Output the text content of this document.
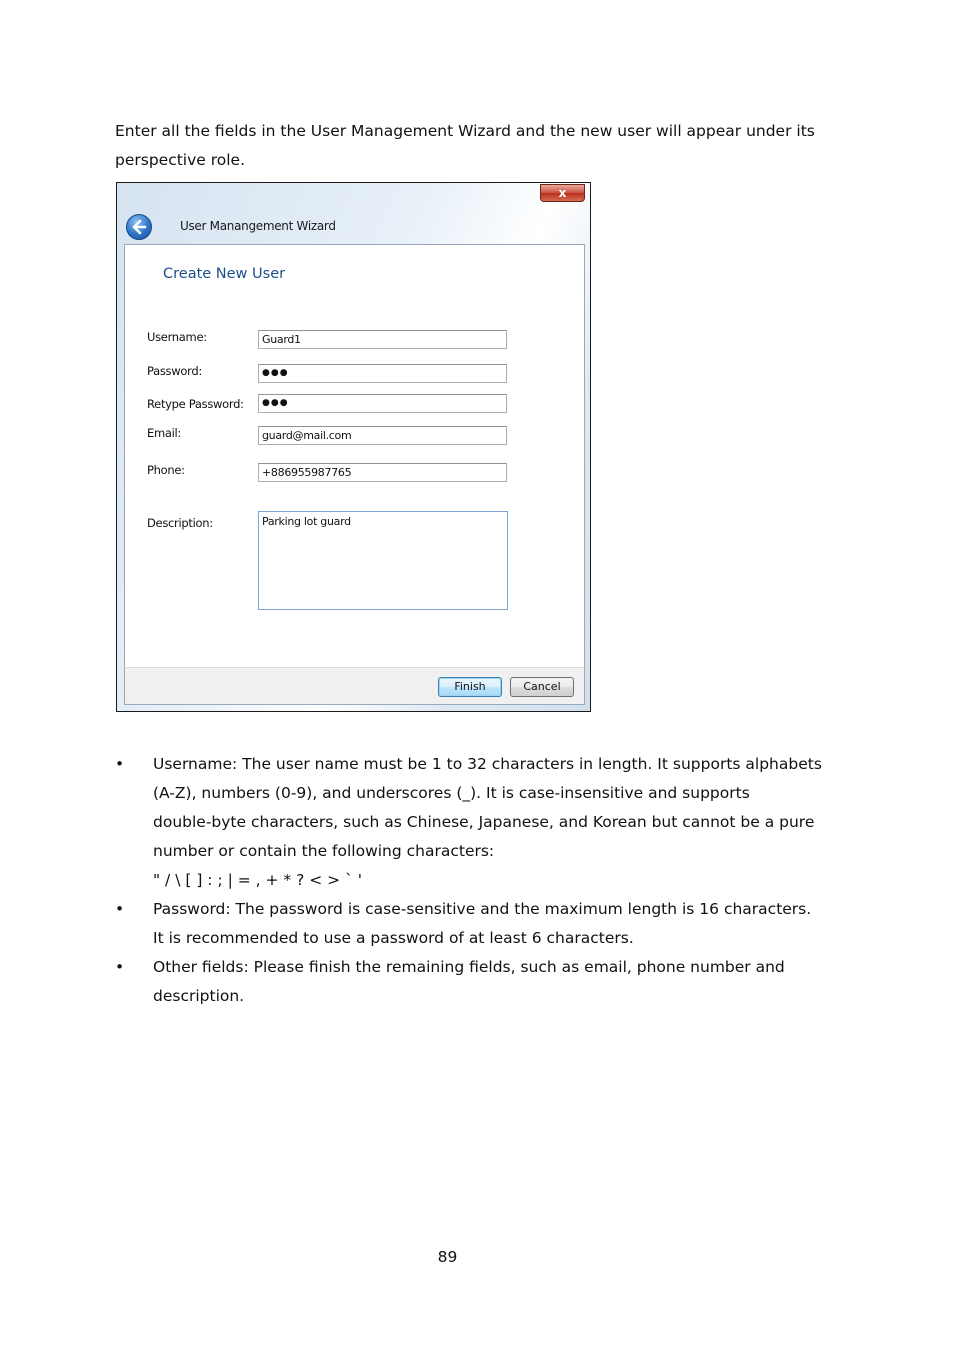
Enter all the fields in the User Management Wizard and the new user will appear under its perspective role.

x
User Manangement Wizard
Create New User
Username:	Guard1
Password:	●●●
Retype Password:	●●●
Email:	guard@mail.com
Phone:	+886955987765
Description:	Parking lot guard
Finish	Cancel
• Username: The user name must be 1 to 32 characters in length. It supports alphabets
(A-Z), numbers (0-9), and underscores (_). It is case-insensitive and supports
double-byte characters, such as Chinese, Japanese, and Korean but cannot be a pure
number or contain the following characters:
" / \ [ ] : ; | = , + * ? < > ` '
• Password: The password is case-sensitive and the maximum length is 16 characters.
It is recommended to use a password of at least 6 characters.
• Other fields: Please finish the remaining fields, such as email, phone number and
description.
89
